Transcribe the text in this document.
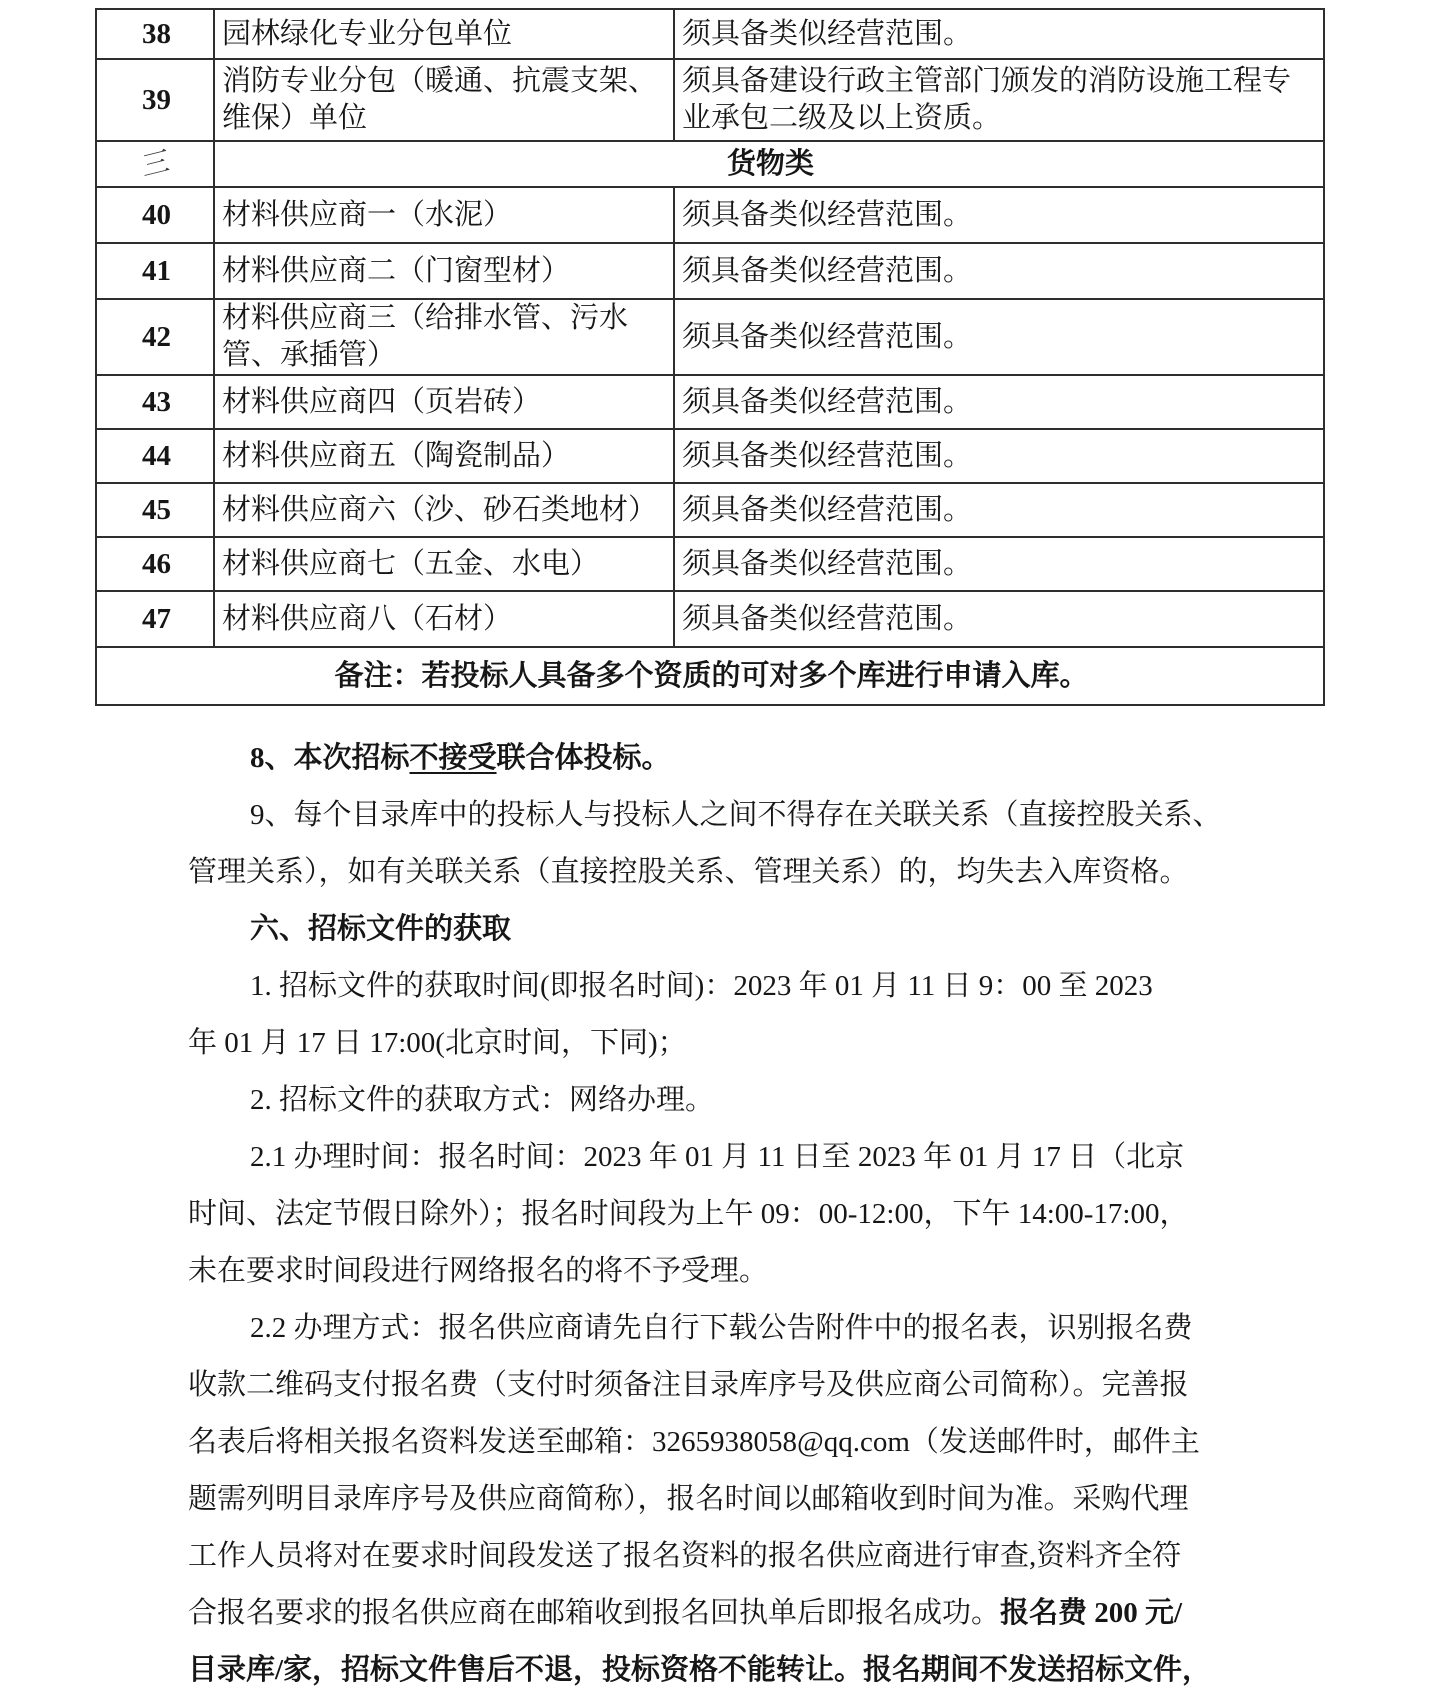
38	园林绿化专业分包单位	须具备类似经营范围。
39	消防专业分包（暖通、抗震支架、维保）单位	须具备建设行政主管部门颁发的消防设施工程专业承包二级及以上资质。
三	货物类	
40	材料供应商一（水泥）	须具备类似经营范围。
41	材料供应商二（门窗型材）	须具备类似经营范围。
42	材料供应商三（给排水管、污水管、承插管）	须具备类似经营范围。
43	材料供应商四（页岩砖）	须具备类似经营范围。
44	材料供应商五（陶瓷制品）	须具备类似经营范围。
45	材料供应商六（沙、砂石类地材）	须具备类似经营范围。
46	材料供应商七（五金、水电）	须具备类似经营范围。
47	材料供应商八（石材）	须具备类似经营范围。
备注：若投标人具备多个资质的可对多个库进行申请入库。		
8、本次招标不接受联合体投标。
9、每个目录库中的投标人与投标人之间不得存在关联关系（直接控股关系、
管理关系），如有关联关系（直接控股关系、管理关系）的，均失去入库资格。
六、招标文件的获取
1. 招标文件的获取时间(即报名时间)：2023 年 01 月 11 日 9：00 至 2023
年 01 月 17 日 17:00(北京时间，下同)；
2. 招标文件的获取方式：网络办理。
2.1 办理时间：报名时间：2023 年 01 月 11 日至 2023 年 01 月 17 日（北京
时间、法定节假日除外）；报名时间段为上午 09：00-12:00，下午 14:00-17:00，
未在要求时间段进行网络报名的将不予受理。
2.2 办理方式：报名供应商请先自行下载公告附件中的报名表，识别报名费
收款二维码支付报名费（支付时须备注目录库序号及供应商公司简称）。完善报
名表后将相关报名资料发送至邮箱：3265938058@qq.com（发送邮件时，邮件主
题需列明目录库序号及供应商简称），报名时间以邮箱收到时间为准。采购代理
工作人员将对在要求时间段发送了报名资料的报名供应商进行审查,资料齐全符
合报名要求的报名供应商在邮箱收到报名回执单后即报名成功。报名费 200 元/
目录库/家，招标文件售后不退，投标资格不能转让。报名期间不发送招标文件，
